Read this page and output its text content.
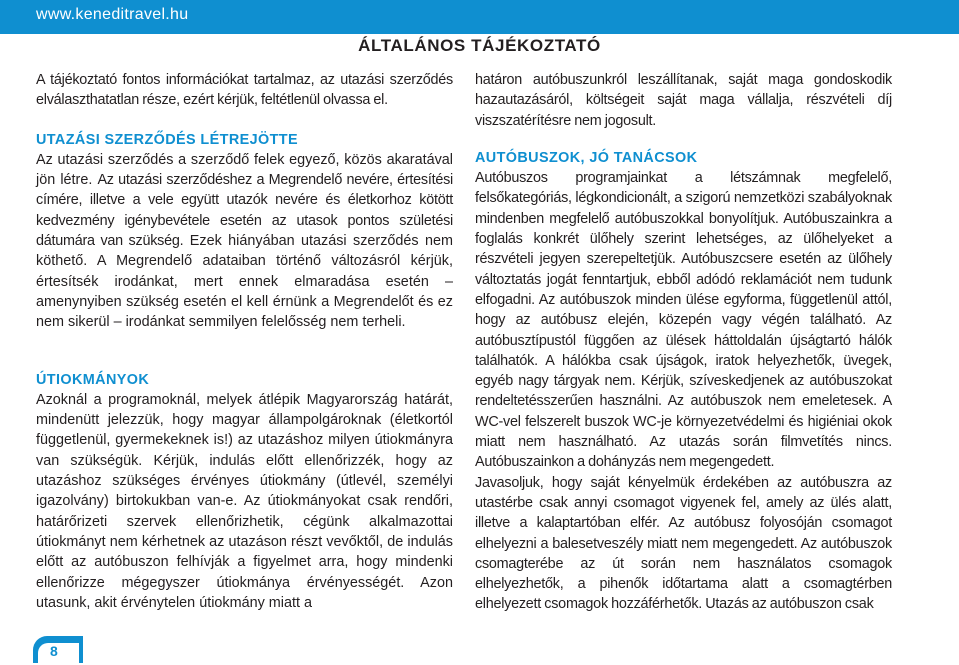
www.keneditravel.hu
ÁLTALÁNOS TÁJÉKOZTATÓ

A tájékoztató fontos információkat tartalmaz, az utazási szerződés elválaszthatatlan része, ezért kérjük, feltétlenül olvassa el.

UTAZÁSI SZERZŐDÉS LÉTREJÖTTE

Az utazási szerződés a szerződő felek egyező, közös akaratával jön létre. Az utazási szerződéshez a Megrendelő nevére, értesítési címére, illetve a vele együtt utazók nevére és életkorhoz kötött kedvezmény igénybevétele esetén az utasok pontos születési dátumára van szükség. Ezek hiányában utazási szerződés nem köthető. A Megrendelő adataiban történő változásról kérjük, értesítsék irodánkat, mert ennek elmaradása esetén – amenynyiben szükség esetén el kell érnünk a Megrendelőt és ez nem sikerül – irodánkat semmilyen felelősség nem terheli.

ÚTIOKMÁNYOK

Azoknál a programoknál, melyek átlépik Magyarország határát, mindenütt jelezzük, hogy magyar állampolgároknak (életkortól függetlenül, gyermekeknek is!) az utazáshoz milyen útiokmányra van szükségük. Kérjük, indulás előtt ellenőrizzék, hogy az utazáshoz szükséges érvényes útiokmány (útlevél, személyi igazolvány) birtokukban van-e. Az útiokmányokat csak rendőri, határőrizeti szervek ellenőrizhetik, cégünk alkalmazottai útiokmányt nem kérhetnek az utazáson részt vevőktől, de indulás előtt az autóbuszon felhívják a figyelmet arra, hogy mindenki ellenőrizze mégegyszer útiokmánya érvényességét. Azon utasunk, akit érvénytelen útiokmány miatt a

határon autóbuszunkról leszállítanak, saját maga gondoskodik hazautazásáról, költségeit saját maga vállalja, részvételi díj viszszatérítésre nem jogosult.

AUTÓBUSZOK, JÓ TANÁCSOK

Autóbuszos programjainkat a létszámnak megfelelő, felsőkategóriás, légkondicionált, a szigorú nemzetközi szabályoknak mindenben megfelelő autóbuszokkal bonyolítjuk. Autóbuszainkra a foglalás konkrét ülőhely szerint lehetséges, az ülőhelyeket a részvételi jegyen szerepeltetjük. Autóbuszcsere esetén az ülőhely változtatás jogát fenntartjuk, ebből adódó reklamációt nem tudunk elfogadni. Az autóbuszok minden ülése egyforma, függetlenül attól, hogy az autóbusz elején, közepén vagy végén található. Az autóbusztípustól függően az ülések háttoldalán újságtartó hálók találhatók. A hálókba csak újságok, iratok helyezhetők, üvegek, egyéb nagy tárgyak nem. Kérjük, szíveskedjenek az autóbuszokat rendeltetésszerűen használni. Az autóbuszok nem emeletesek. A WC-vel felszerelt buszok WC-je környezetvédelmi és higiéniai okok miatt nem használható. Az utazás során filmvetítés nincs. Autóbuszainkon a dohányzás nem megengedett.

Javasoljuk, hogy saját kényelmük érdekében az autóbuszra az utastérbe csak annyi csomagot vigyenek fel, amely az ülés alatt, illetve a kalaptartóban elfér. Az autóbusz folyosóján csomagot elhelyezni a balesetveszély miatt nem megengedett. Az autóbuszok csomagterébe az út során nem használatos csomagok elhelyezhetők, a pihenők időtartama alatt a csomagtérben elhelyezett csomagok hozzáférhetők. Utazás az autóbuszon csak

8
